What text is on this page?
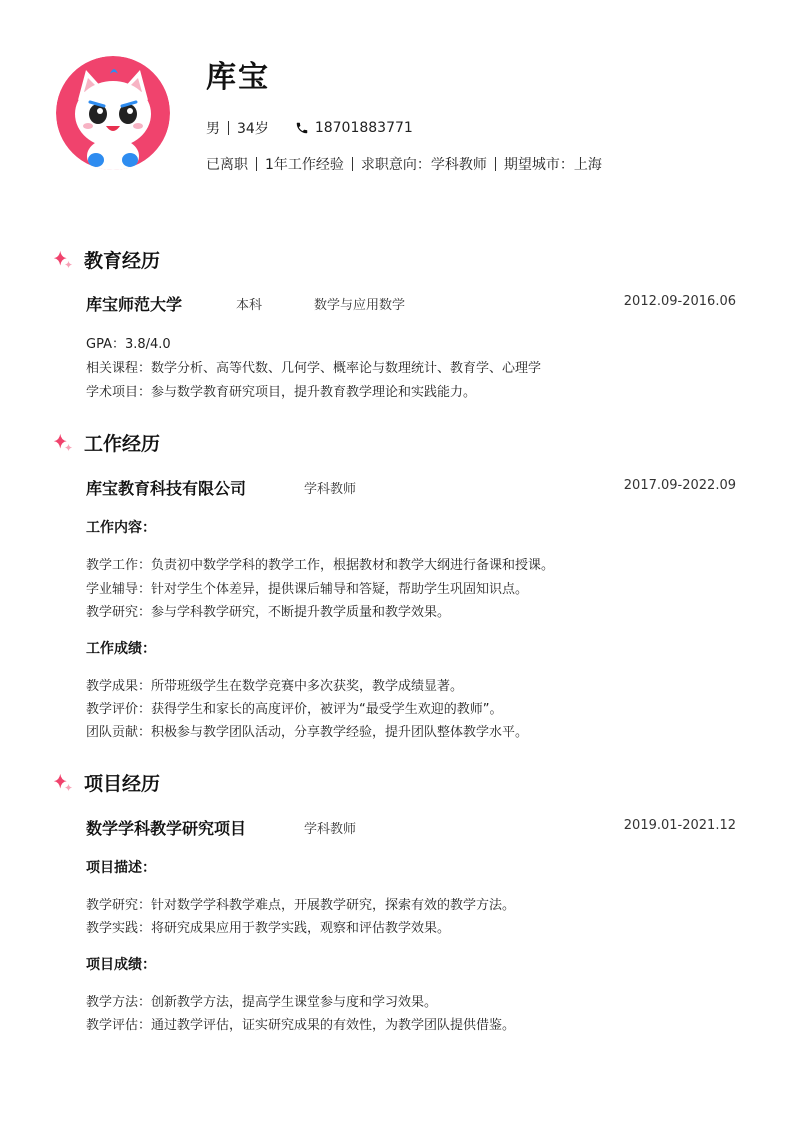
库宝
男 34岁	18701883771
已离职 1年工作经验 求职意向：学科教师 期望城市：上海
教育经历
库宝师范大学	本科	数学与应用数学	2012.09-2016.06
GPA：3.8/4.0
相关课程：数学分析、高等代数、几何学、概率论与数理统计、教育学、心理学
学术项目：参与数学教育研究项目，提升教育教学理论和实践能力。
工作经历
库宝教育科技有限公司	学科教师	2017.09-2022.09
工作内容：
教学工作：负责初中数学学科的教学工作，根据教材和教学大纲进行备课和授课。
学业辅导：针对学生个体差异，提供课后辅导和答疑，帮助学生巩固知识点。
教学研究：参与学科教学研究，不断提升教学质量和教学效果。
工作成绩：
教学成果：所带班级学生在数学竞赛中多次获奖，教学成绩显著。
教学评价：获得学生和家长的高度评价，被评为“最受学生欢迎的教师”。
团队贡献：积极参与教学团队活动，分享教学经验，提升团队整体教学水平。
项目经历
数学学科教学研究项目	学科教师	2019.01-2021.12
项目描述：
教学研究：针对数学学科教学难点，开展教学研究，探索有效的教学方法。
教学实践：将研究成果应用于教学实践，观察和评估教学效果。
项目成绩：
教学方法：创新教学方法，提高学生课堂参与度和学习效果。
教学评估：通过教学评估，证实研究成果的有效性，为教学团队提供借鉴。
